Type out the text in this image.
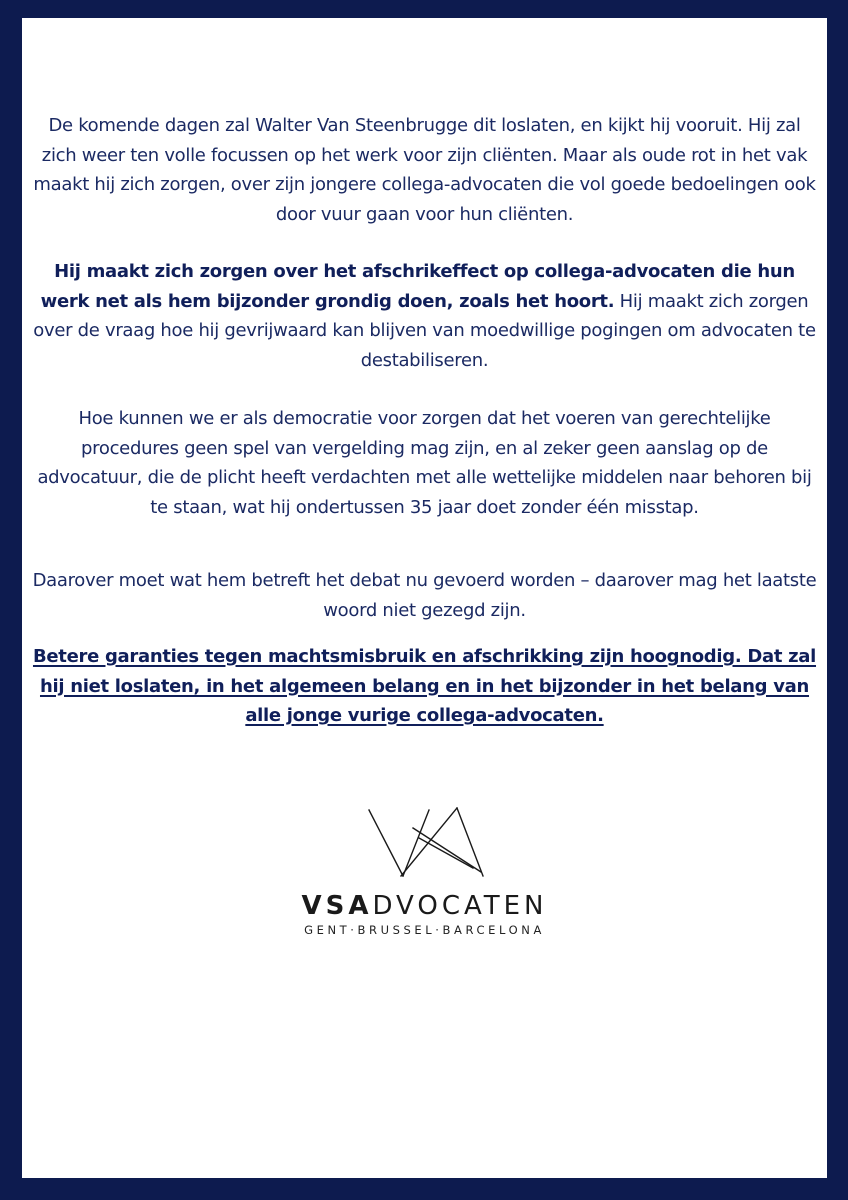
De komende dagen zal Walter Van Steenbrugge dit loslaten, en kijkt hij vooruit. Hij zal zich weer ten volle focussen op het werk voor zijn cliënten. Maar als oude rot in het vak maakt hij zich zorgen, over zijn jongere collega-advocaten die vol goede bedoelingen ook door vuur gaan voor hun cliënten.
Hij maakt zich zorgen over het afschrikeffect op collega-advocaten die hun werk net als hem bijzonder grondig doen, zoals het hoort. Hij maakt zich zorgen over de vraag hoe hij gevrijwaard kan blijven van moedwillige pogingen om advocaten te destabiliseren.
Hoe kunnen we er als democratie voor zorgen dat het voeren van gerechtelijke procedures geen spel van vergelding mag zijn, en al zeker geen aanslag op de advocatuur, die de plicht heeft verdachten met alle wettelijke middelen naar behoren bij te staan, wat hij ondertussen 35 jaar doet zonder één misstap.
Daarover moet wat hem betreft het debat nu gevoerd worden – daarover mag het laatste woord niet gezegd zijn.
Betere garanties tegen machtsmisbruik en afschrikking zijn hoognodig. Dat zal hij niet loslaten, in het algemeen belang en in het bijzonder in het belang van alle jonge vurige collega-advocaten.
VSADVOCATEN
GENT·BRUSSEL·BARCELONA
